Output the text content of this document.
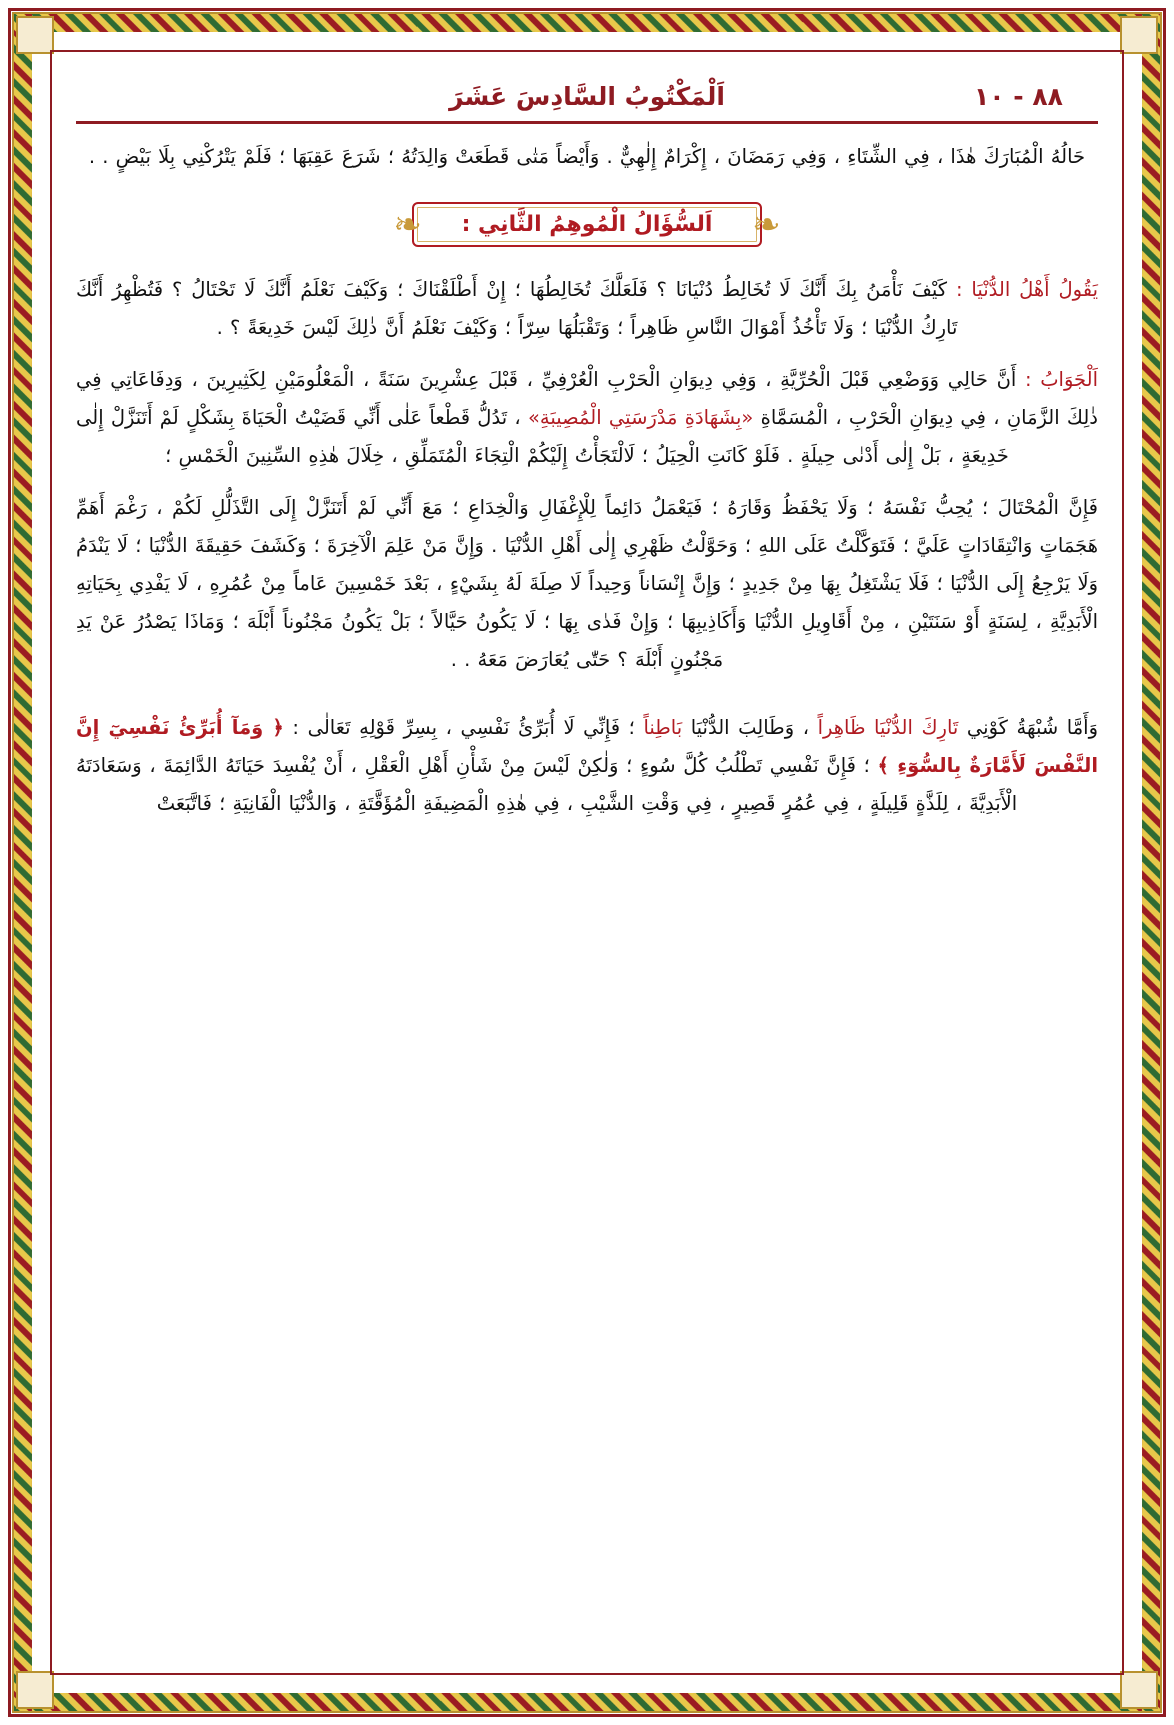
٨٨ - ١٠
اَلْمَكْتُوبُ السَّادِسَ عَشَرَ

حَالُهُ الْمُبَارَكَ هٰذَا ، فِي الشِّتَاءِ ، وَفِي رَمَضَانَ ، إِكْرَامٌ إِلٰهِيٌّ . وَأَيْضاً مَتٰى قَطَعَتْ وَالِدَتُهُ ؛ شَرَعَ عَقِبَهَا ؛ فَلَمْ يَتْرُكْنِي بِلَا بَيْضٍ . .

❧
اَلسُّؤَالُ الْمُوهِمُ الثَّانِي :
❧

يَقُولُ أَهْلُ الدُّنْيَا : كَيْفَ نَأْمَنُ بِكَ أَنَّكَ لَا تُخَالِطُ دُنْيَانَا ؟ فَلَعَلَّكَ تُخَالِطُهَا ؛ إِنْ أَطْلَقْنَاكَ ؛ وَكَيْفَ نَعْلَمُ أَنَّكَ لَا تَحْتَالُ ؟ فَتُظْهِرُ أَنَّكَ تَارِكُ الدُّنْيَا ؛ وَلَا تَأْخُذُ أَمْوَالَ النَّاسِ ظَاهِراً ؛ وَتَقْبَلُهَا سِرّاً ؛ وَكَيْفَ نَعْلَمُ أَنَّ ذٰلِكَ لَيْسَ خَدِيعَةً ؟ .

اَلْجَوَابُ : أَنَّ حَالِي وَوَضْعِي قَبْلَ الْحُرِّيَّةِ ، وَفِي دِيوَانِ الْحَرْبِ الْعُرْفِيِّ ، قَبْلَ عِشْرِينَ سَنَةً ، الْمَعْلُومَيْنِ لِكَثِيرِينَ ، وَدِفَاعَاتِي فِي ذٰلِكَ الزَّمَانِ ، فِي دِيوَانِ الْحَرْبِ ، الْمُسَمَّاةِ «بِشَهَادَةِ مَدْرَسَتِي الْمُصِيبَةِ» ، تَدُلُّ قَطْعاً عَلٰى أَنِّي قَضَيْتُ الْحَيَاةَ بِشَكْلٍ لَمْ أَتَنَزَّلْ إِلٰى خَدِيعَةٍ ، بَلْ إِلٰى أَدْنٰى حِيلَةٍ . فَلَوْ كَانَتِ الْحِيَلُ ؛ لَالْتَجَأْتُ إِلَيْكُمْ الْتِجَاءَ الْمُتَمَلِّقِ ، خِلَالَ هٰذِهِ السِّنِينَ الْخَمْسِ ؛

فَإِنَّ الْمُحْتَالَ ؛ يُحِبُّ نَفْسَهُ ؛ وَلَا يَحْفَظُ وَقَارَهُ ؛ فَيَعْمَلُ دَائِماً لِلْإِغْفَالِ وَالْخِدَاعِ ؛ مَعَ أَنِّي لَمْ أَتَنَزَّلْ إِلَى التَّذَلُّلِ لَكُمْ ، رَغْمَ أَهَمِّ هَجَمَاتٍ وَانْتِقَادَاتٍ عَلَيَّ ؛ فَتَوَكَّلْتُ عَلَى اللهِ ؛ وَحَوَّلْتُ ظَهْرِي إِلٰى أَهْلِ الدُّنْيَا . وَإِنَّ مَنْ عَلِمَ الْآخِرَةَ ؛ وَكَشَفَ حَقِيقَةَ الدُّنْيَا ؛ لَا يَنْدَمُ وَلَا يَرْجِعُ إِلَى الدُّنْيَا ؛ فَلَا يَشْتَغِلُ بِهَا مِنْ جَدِيدٍ ؛ وَإِنَّ إِنْسَاناً وَحِيداً لَا صِلَةَ لَهُ بِشَيْءٍ ، بَعْدَ خَمْسِينَ عَاماً مِنْ عُمُرِهِ ، لَا يَفْدِي بِحَيَاتِهِ الْأَبَدِيَّةِ ، لِسَنَةٍ أَوْ سَنَتَيْنِ ، مِنْ أَقَاوِيلِ الدُّنْيَا وَأَكَاذِيبِهَا ؛ وَإِنْ فَدٰى بِهَا ؛ لَا يَكُونُ حَيَّالاً ؛ بَلْ يَكُونُ مَجْنُوناً أَبْلَهَ ؛ وَمَاذَا يَصْدُرُ عَنْ يَدِ مَجْنُونٍ أَبْلَهَ ؟ حَتّٰى يُعَارَضَ مَعَهُ . .

وَأَمَّا شُبْهَةُ كَوْنِي تَارِكَ الدُّنْيَا ظَاهِراً ، وَطَالِبَ الدُّنْيَا بَاطِناً ؛ فَإِنِّي لَا أُبَرِّئُ نَفْسِي ، بِسِرِّ قَوْلِهِ تَعَالٰى : ﴿ وَمَآ أُبَرِّئُ نَفْسِيٓ إِنَّ النَّفْسَ لَأَمَّارَةٌ بِالسُّوٓءِ ﴾ ؛ فَإِنَّ نَفْسِي تَطْلُبُ كُلَّ سُوءٍ ؛ وَلٰكِنْ لَيْسَ مِنْ شَأْنِ أَهْلِ الْعَقْلِ ، أَنْ يُفْسِدَ حَيَاتَهُ الدَّائِمَةَ ، وَسَعَادَتَهُ الْأَبَدِيَّةَ ، لِلَذَّةٍ قَلِيلَةٍ ، فِي عُمُرٍ قَصِيرٍ ، فِي وَقْتِ الشَّيْبِ ، فِي هٰذِهِ الْمَضِيفَةِ الْمُؤَقَّتَةِ ، وَالدُّنْيَا الْفَانِيَةِ ؛ فَاتَّبَعَتْ
